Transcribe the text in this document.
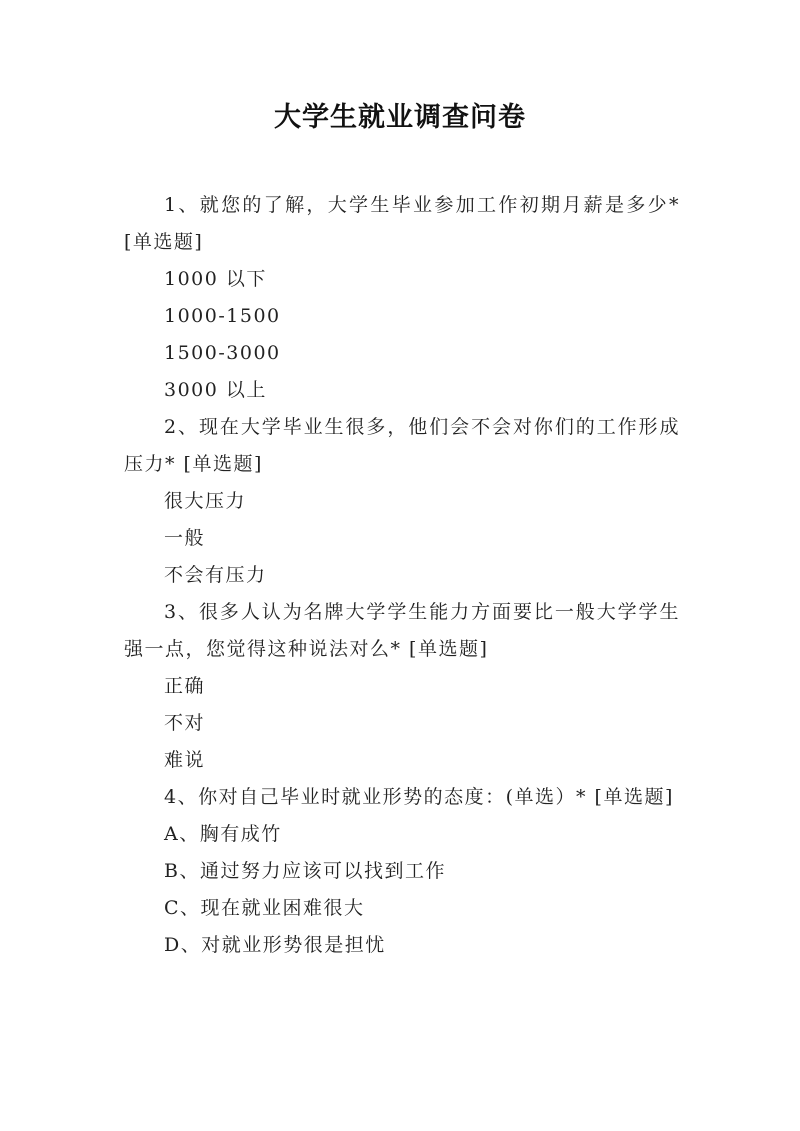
大学生就业调查问卷

1、就您的了解，大学生毕业参加工作初期月薪是多少*[单选题]

1000 以下

1000-1500

1500-3000

3000 以上

2、现在大学毕业生很多，他们会不会对你们的工作形成压力* [单选题]

很大压力

一般

不会有压力

3、很多人认为名牌大学学生能力方面要比一般大学学生强一点，您觉得这种说法对么* [单选题]

正确

不对

难说

4、你对自己毕业时就业形势的态度：(单选）* [单选题]

A、胸有成竹

B、通过努力应该可以找到工作

C、现在就业困难很大

D、对就业形势很是担忧
